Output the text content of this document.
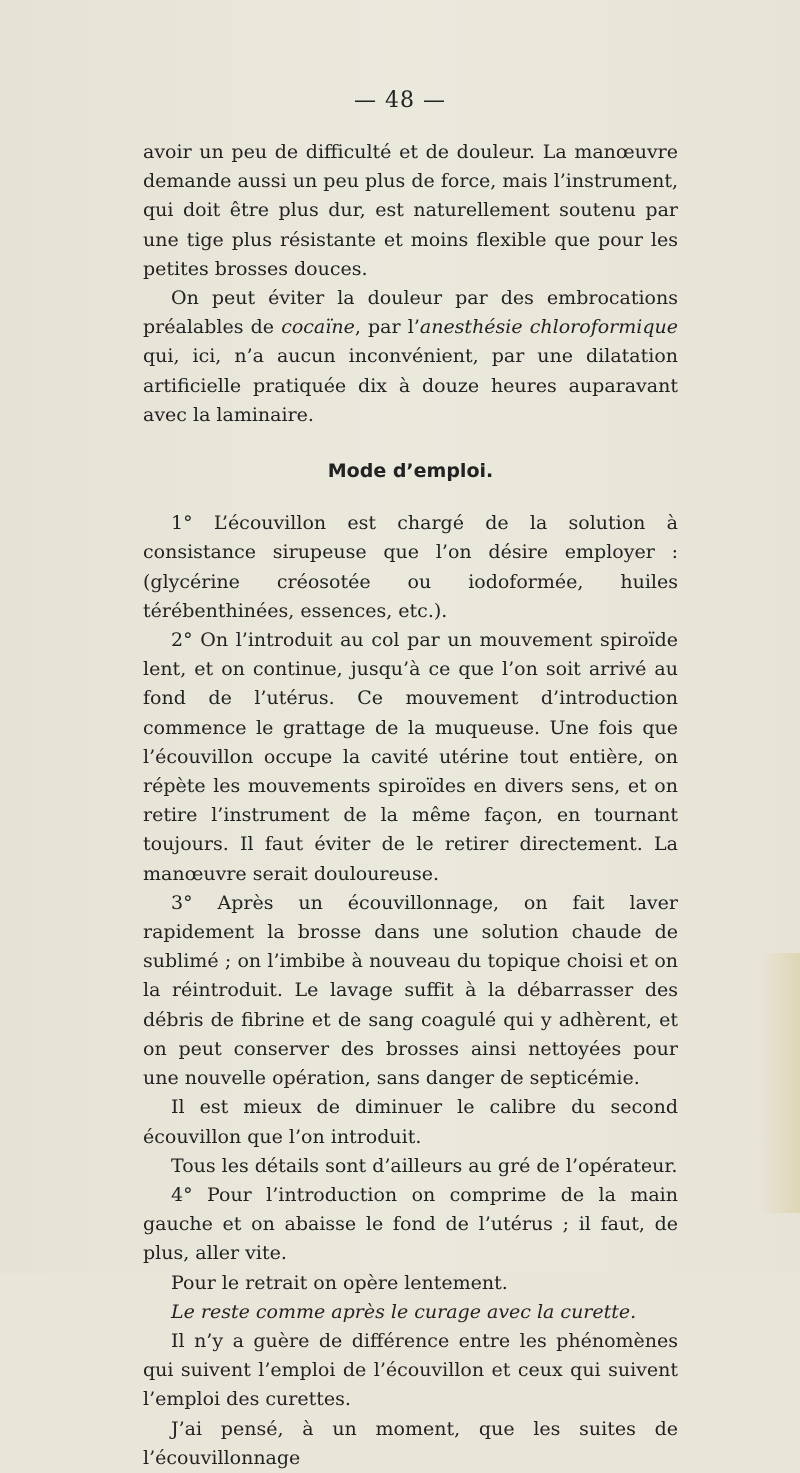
— 48 —

avoir un peu de difficulté et de douleur. La manœuvre demande aussi un peu plus de force, mais l’instrument, qui doit être plus dur, est naturellement soutenu par une tige plus résistante et moins flexible que pour les petites brosses douces.

On peut éviter la douleur par des embrocations préalables de cocaïne, par l’anesthésie chloroformique qui, ici, n’a aucun inconvénient, par une dilatation artificielle pratiquée dix à douze heures auparavant avec la laminaire.

Mode d’emploi.

1° L’écouvillon est chargé de la solution à consistance sirupeuse que l’on désire employer : (glycérine créosotée ou iodoformée, huiles térébenthinées, essences, etc.).

2° On l’introduit au col par un mouvement spiroïde lent, et on continue, jusqu’à ce que l’on soit arrivé au fond de l’utérus. Ce mouvement d’introduction commence le grattage de la muqueuse. Une fois que l’écouvillon occupe la cavité utérine tout entière, on répète les mouvements spiroïdes en divers sens, et on retire l’instrument de la même façon, en tournant toujours. Il faut éviter de le retirer directement. La manœuvre serait douloureuse.

3° Après un écouvillonnage, on fait laver rapidement la brosse dans une solution chaude de sublimé ; on l’imbibe à nouveau du topique choisi et on la réintroduit. Le lavage suffit à la débarrasser des débris de fibrine et de sang coagulé qui y adhèrent, et on peut conserver des brosses ainsi nettoyées pour une nouvelle opération, sans danger de septicémie.

Il est mieux de diminuer le calibre du second écouvillon que l’on introduit.

Tous les détails sont d’ailleurs au gré de l’opérateur.

4° Pour l’introduction on comprime de la main gauche et on abaisse le fond de l’utérus ; il faut, de plus, aller vite.

Pour le retrait on opère lentement.

Le reste comme après le curage avec la curette.

Il n’y a guère de différence entre les phénomènes qui suivent l’emploi de l’écouvillon et ceux qui suivent l’emploi des curettes.

J’ai pensé, à un moment, que les suites de l’écouvillonnage
